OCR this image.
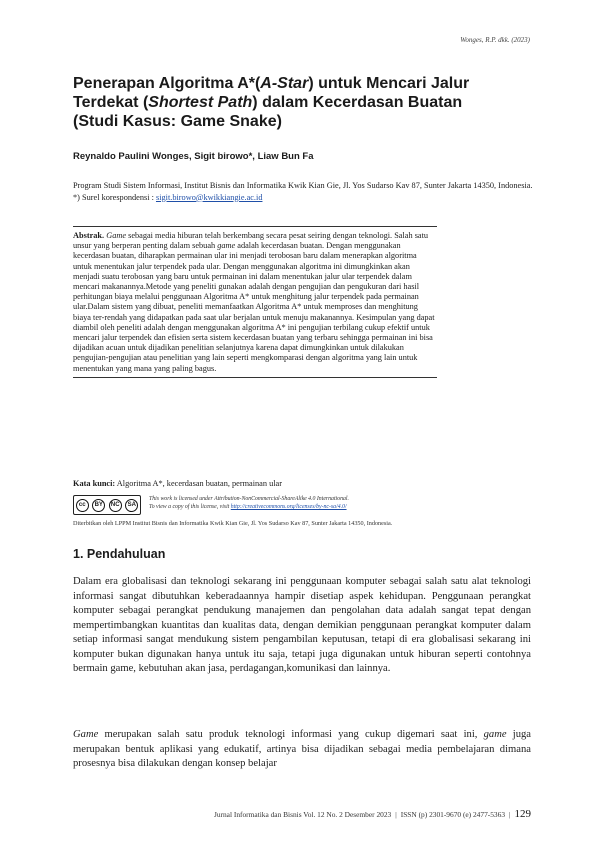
Wonges, R.P. dkk. (2023)
Penerapan Algoritma A*(A-Star) untuk Mencari Jalur Terdekat (Shortest Path) dalam Kecerdasan Buatan (Studi Kasus: Game Snake)
Reynaldo Paulini Wonges, Sigit birowo*, Liaw Bun Fa
Program Studi Sistem Informasi, Institut Bisnis dan Informatika Kwik Kian Gie, Jl. Yos Sudarso Kav 87, Sunter Jakarta 14350, Indonesia.
*) Surel korespondensi : sigit.birowo@kwikkiangie.ac.id
Abstrak. Game sebagai media hiburan telah berkembang secara pesat seiring dengan teknologi. Salah satu unsur yang berperan penting dalam sebuah game adalah kecerdasan buatan. Dengan menggunakan kecerdasan buatan, diharapkan permainan ular ini menjadi terobosan baru dalam menerapkan algoritma untuk menentukan jalur terpendek pada ular. Dengan menggunakan algoritma ini dimungkinkan akan menjadi suatu terobosan yang baru untuk permainan ini dalam menentukan jalur ular terpendek dalam mencari makanannya.Metode yang peneliti gunakan adalah dengan pengujian dan pengukuran dari hasil perhitungan biaya melalui penggunaan Algoritma A* untuk menghitung jalur terpendek pada permainan ular.Dalam sistem yang dibuat, peneliti memanfaatkan Algoritma A* untuk memproses dan menghitung biaya ter-rendah yang didapatkan pada saat ular berjalan untuk menuju makanannya. Kesimpulan yang dapat diambil oleh peneliti adalah dengan menggunakan algoritma A* ini pengujian terbilang cukup efektif untuk mencari jalur terpendek dan efisien serta sistem kecerdasan buatan yang terbaru sehingga permainan ini bisa dijadikan acuan untuk dijadikan penelitian selanjutnya karena dapat dimungkinkan untuk dilakukan pengujian-pengujian atau penelitian yang lain seperti mengkomparasi dengan algoritma yang lain untuk menentukan yang mana yang paling bagus.
Kata kunci: Algoritma A*, kecerdasan buatan, permainan ular
cc	BY	NC	SA
This work is licensed under Attribution-NonCommercial-ShareAlike 4.0 International.
To view a copy of this license, visit http://creativecommons.org/licenses/by-nc-sa/4.0/
Diterbitkan oleh LPPM Institut Bisnis dan Informatika Kwik Kian Gie, Jl. Yos Sudarso Kav 87, Sunter Jakarta 14350, Indonesia.
1. Pendahuluan
Dalam era globalisasi dan teknologi sekarang ini penggunaan komputer sebagai salah satu alat teknologi informasi sangat dibutuhkan keberadaannya hampir disetiap aspek kehidupan. Penggunaan perangkat komputer sebagai perangkat pendukung manajemen dan pengolahan data adalah sangat tepat dengan mempertimbangkan kuantitas dan kualitas data, dengan demikian penggunaan perangkat komputer dalam setiap informasi sangat mendukung sistem pengambilan keputusan, tetapi di era globalisasi sekarang ini komputer bukan digunakan hanya untuk itu saja, tetapi juga digunakan untuk hiburan seperti contohnya bermain game, kebutuhan akan jasa, perdagangan,komunikasi dan lainnya.
Game merupakan salah satu produk teknologi informasi yang cukup digemari saat ini, game juga merupakan bentuk aplikasi yang edukatif, artinya bisa dijadikan sebagai media pembelajaran dimana prosesnya bisa dilakukan dengan konsep belajar
Jurnal Informatika dan Bisnis Vol. 12 No. 2 Desember 2023 | ISSN (p) 2301-9670 (e) 2477-5363 | 129
